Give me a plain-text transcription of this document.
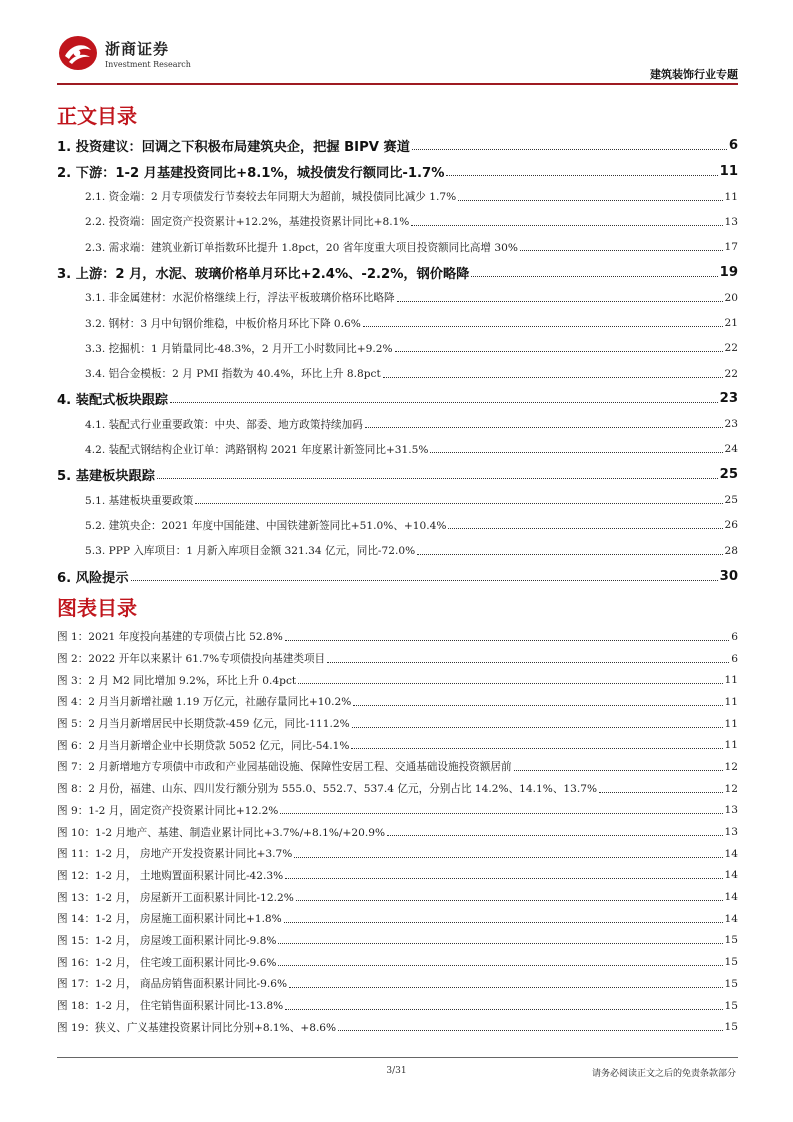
浙商证券
Investment Research
建筑装饰行业专题
正文目录
1. 投资建议：回调之下积极布局建筑央企，把握 BIPV 赛道	6
2. 下游：1-2 月基建投资同比+8.1%，城投债发行额同比-1.7%	11
2.1. 资金端：2 月专项债发行节奏较去年同期大为超前，城投债同比减少 1.7%	11
2.2. 投资端：固定资产投资累计+12.2%，基建投资累计同比+8.1%	13
2.3. 需求端：建筑业新订单指数环比提升 1.8pct，20 省年度重大项目投资额同比高增 30%	17
3. 上游：2 月，水泥、玻璃价格单月环比+2.4%、-2.2%，钢价略降	19
3.1. 非金属建材：水泥价格继续上行，浮法平板玻璃价格环比略降	20
3.2. 钢材：3 月中旬钢价维稳，中板价格月环比下降 0.6%	21
3.3. 挖掘机：1 月销量同比-48.3%，2 月开工小时数同比+9.2%	22
3.4. 铝合金模板：2 月 PMI 指数为 40.4%，环比上升 8.8pct	22
4. 装配式板块跟踪	23
4.1. 装配式行业重要政策：中央、部委、地方政策持续加码	23
4.2. 装配式钢结构企业订单：鸿路钢构 2021 年度累计新签同比+31.5%	24
5. 基建板块跟踪	25
5.1. 基建板块重要政策	25
5.2. 建筑央企：2021 年度中国能建、中国铁建新签同比+51.0%、+10.4%	26
5.3. PPP 入库项目：1 月新入库项目金额 321.34 亿元，同比-72.0%	28
6. 风险提示	30
图表目录
图 1：2021 年度投向基建的专项债占比 52.8%	6
图 2：2022 开年以来累计 61.7%专项债投向基建类项目	6
图 3：2 月 M2 同比增加 9.2%，环比上升 0.4pct	11
图 4：2 月当月新增社融 1.19 万亿元，社融存量同比+10.2%	11
图 5：2 月当月新增居民中长期贷款-459 亿元，同比-111.2%	11
图 6：2 月当月新增企业中长期贷款 5052 亿元，同比-54.1%	11
图 7：2 月新增地方专项债中市政和产业园基础设施、保障性安居工程、交通基础设施投资额居前	12
图 8：2 月份，福建、山东、四川发行额分别为 555.0、552.7、537.4 亿元，分别占比 14.2%、14.1%、13.7%	12
图 9：1-2 月，固定资产投资累计同比+12.2%	13
图 10：1-2 月地产、基建、制造业累计同比+3.7%/+8.1%/+20.9%	13
图 11：1-2 月， 房地产开发投资累计同比+3.7%	14
图 12：1-2 月， 土地购置面积累计同比-42.3%	14
图 13：1-2 月， 房屋新开工面积累计同比-12.2%	14
图 14：1-2 月， 房屋施工面积累计同比+1.8%	14
图 15：1-2 月， 房屋竣工面积累计同比-9.8%	15
图 16：1-2 月， 住宅竣工面积累计同比-9.6%	15
图 17：1-2 月， 商品房销售面积累计同比-9.6%	15
图 18：1-2 月， 住宅销售面积累计同比-13.8%	15
图 19：狭义、广义基建投资累计同比分别+8.1%、+8.6%	15
3/31	请务必阅读正文之后的免责条款部分
